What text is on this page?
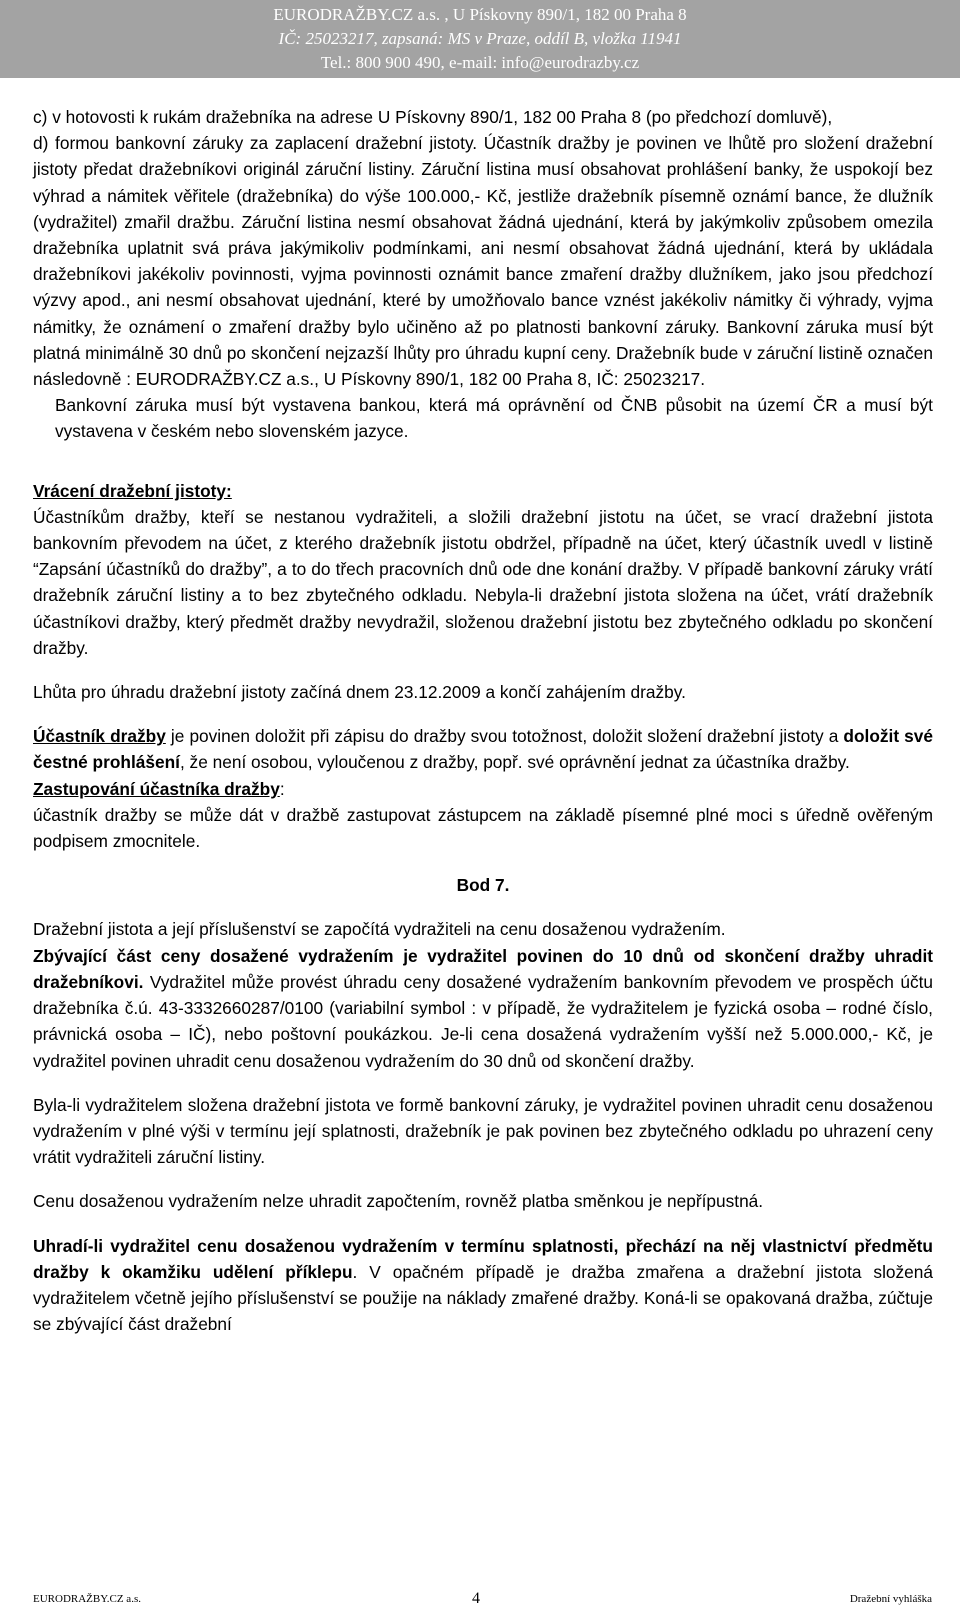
EURODRAŽBY.CZ a.s. , U Pískovny 890/1, 182 00 Praha 8
IČ: 25023217, zapsaná: MS v Praze, oddíl B, vložka 11941
Tel.: 800 900 490, e-mail: info@eurodrazby.cz

c) v hotovosti k rukám dražebníka na adrese U Pískovny 890/1, 182 00 Praha 8 (po předchozí domluvě),

d) formou bankovní záruky za zaplacení dražební jistoty. Účastník dražby je povinen ve lhůtě pro složení dražební jistoty předat dražebníkovi originál záruční listiny. Záruční listina musí obsahovat prohlášení banky, že uspokojí bez výhrad a námitek věřitele (dražebníka) do výše 100.000,- Kč, jestliže dražebník písemně oznámí bance, že dlužník (vydražitel) zmařil dražbu. Záruční listina nesmí obsahovat žádná ujednání, která by jakýmkoliv způsobem omezila dražebníka uplatnit svá práva jakýmikoliv podmínkami, ani nesmí obsahovat žádná ujednání, která by ukládala dražebníkovi jakékoliv povinnosti, vyjma povinnosti oznámit bance zmaření dražby dlužníkem, jako jsou předchozí výzvy apod., ani nesmí obsahovat ujednání, které by umožňovalo bance vznést jakékoliv námitky či výhrady, vyjma námitky, že oznámení o zmaření dražby bylo učiněno až po platnosti bankovní záruky. Bankovní záruka musí být platná minimálně 30 dnů po skončení nejzazší lhůty pro úhradu kupní ceny. Dražebník bude v záruční listině označen následovně : EURODRAŽBY.CZ a.s., U Pískovny 890/1, 182 00 Praha 8, IČ: 25023217.

Bankovní záruka musí být vystavena bankou, která má oprávnění od ČNB působit na území ČR a musí být vystavena v českém nebo slovenském jazyce.

Vrácení dražební jistoty:

Účastníkům dražby, kteří se nestanou vydražiteli, a složili dražební jistotu na účet, se vrací dražební jistota bankovním převodem na účet, z kterého dražebník jistotu obdržel, případně na účet, který účastník uvedl v listině “Zapsání účastníků do dražby”, a to do třech pracovních dnů ode dne konání dražby. V případě bankovní záruky vrátí dražebník záruční listiny a to bez zbytečného odkladu. Nebyla-li dražební jistota složena na účet, vrátí dražebník účastníkovi dražby, který předmět dražby nevydražil, složenou dražební jistotu bez zbytečného odkladu po skončení dražby.

Lhůta pro úhradu dražební jistoty začíná dnem 23.12.2009 a končí zahájením dražby.

Účastník dražby je povinen doložit při zápisu do dražby svou totožnost, doložit složení dražební jistoty a doložit své čestné prohlášení, že není osobou, vyloučenou z dražby, popř. své oprávnění jednat za účastníka dražby.

Zastupování účastníka dražby:

účastník dražby se může dát v dražbě zastupovat zástupcem na základě písemné plné moci s úředně ověřeným podpisem zmocnitele.

Bod 7.

Dražební jistota a její příslušenství se započítá vydražiteli na cenu dosaženou vydražením.

Zbývající část ceny dosažené vydražením je vydražitel povinen do 10 dnů od skončení dražby uhradit dražebníkovi. Vydražitel může provést úhradu ceny dosažené vydražením bankovním převodem ve prospěch účtu dražebníka č.ú. 43-3332660287/0100 (variabilní symbol : v případě, že vydražitelem je fyzická osoba – rodné číslo, právnická osoba – IČ), nebo poštovní poukázkou. Je-li cena dosažená vydražením vyšší než 5.000.000,- Kč, je vydražitel povinen uhradit cenu dosaženou vydražením do 30 dnů od skončení dražby.

Byla-li vydražitelem složena dražební jistota ve formě bankovní záruky, je vydražitel povinen uhradit cenu dosaženou vydražením v plné výši v termínu její splatnosti, dražebník je pak povinen bez zbytečného odkladu po uhrazení ceny vrátit vydražiteli záruční listiny.

Cenu dosaženou vydražením nelze uhradit započtením, rovněž platba směnkou je nepřípustná.

Uhradí-li vydražitel cenu dosaženou vydražením v termínu splatnosti, přechází na něj vlastnictví předmětu dražby k okamžiku udělení příklepu. V opačném případě je dražba zmařena a dražební jistota složená vydražitelem včetně jejího příslušenství se použije na náklady zmařené dražby. Koná-li se opakovaná dražba, zúčtuje se zbývající část dražební

EURODRAŽBY.CZ a.s.	4	Dražební vyhláška
